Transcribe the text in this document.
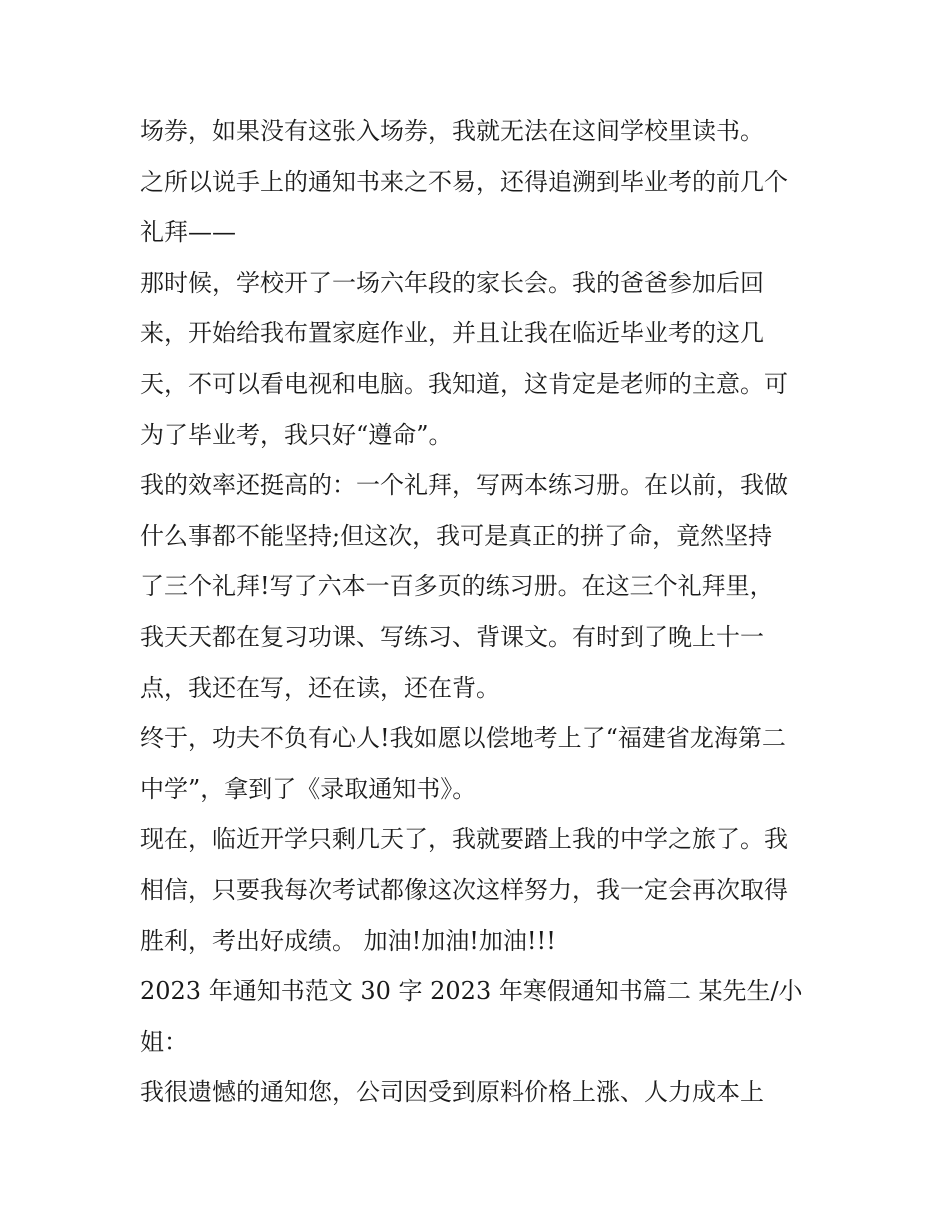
场券，如果没有这张入场券，我就无法在这间学校里读书。
之所以说手上的通知书来之不易，还得追溯到毕业考的前几个
礼拜——
那时候，学校开了一场六年段的家长会。我的爸爸参加后回
来，开始给我布置家庭作业，并且让我在临近毕业考的这几
天，不可以看电视和电脑。我知道，这肯定是老师的主意。可
为了毕业考，我只好“遵命”。
我的效率还挺高的：一个礼拜，写两本练习册。在以前，我做
什么事都不能坚持;但这次，我可是真正的拼了命，竟然坚持
了三个礼拜!写了六本一百多页的练习册。在这三个礼拜里，
我天天都在复习功课、写练习、背课文。有时到了晚上十一
点，我还在写，还在读，还在背。
终于，功夫不负有心人!我如愿以偿地考上了“福建省龙海第二
中学”，拿到了《录取通知书》。
现在，临近开学只剩几天了，我就要踏上我的中学之旅了。我
相信，只要我每次考试都像这次这样努力，我一定会再次取得
胜利，考出好成绩。 加油!加油!加油!!!
2023 年通知书范文 30 字 2023 年寒假通知书篇二 某先生/小
姐：
我很遗憾的通知您，公司因受到原料价格上涨、人力成本上
